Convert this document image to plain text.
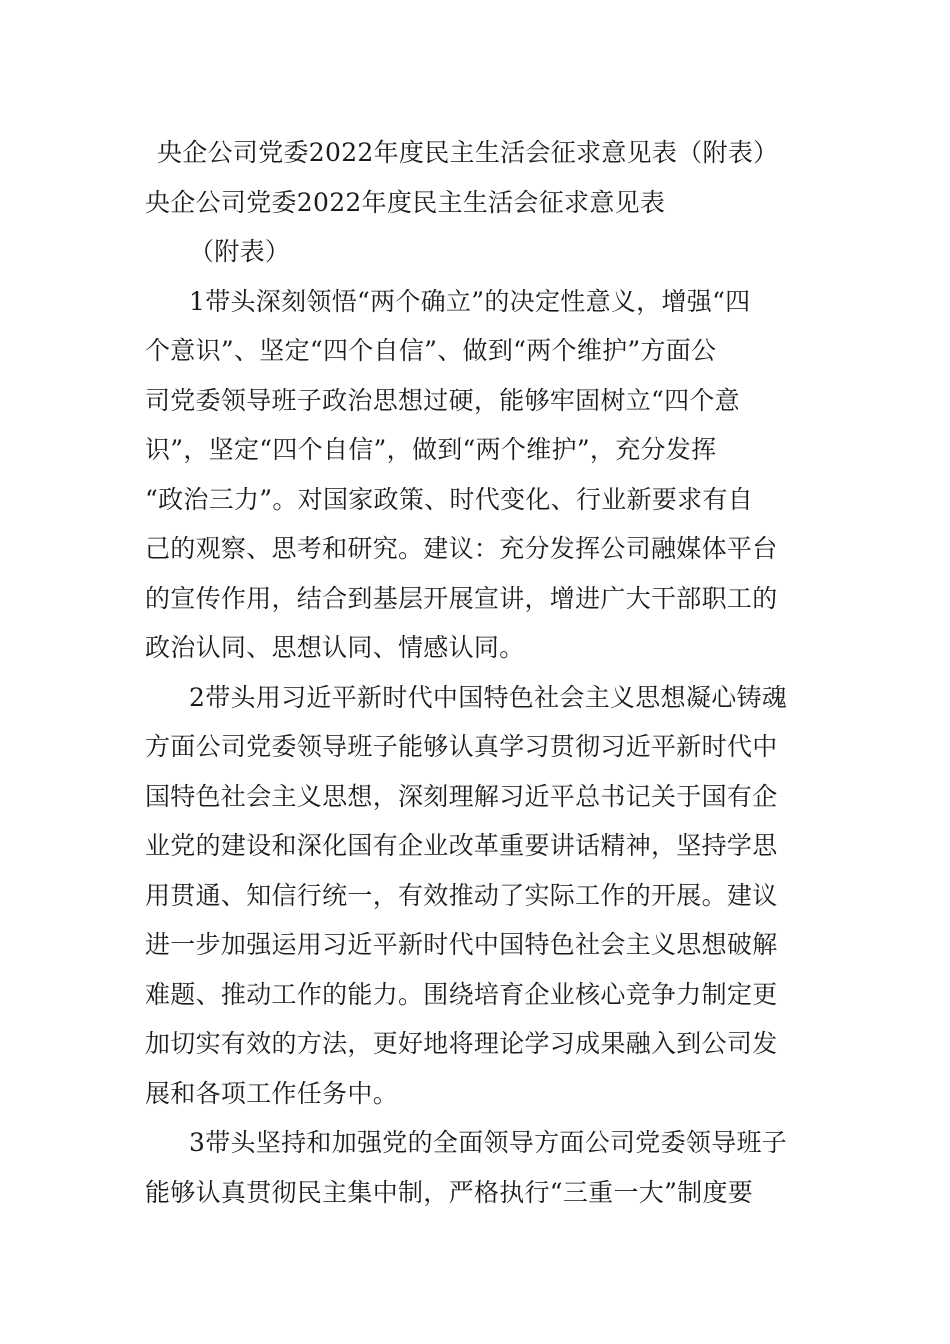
央企公司党委2022年度民主生活会征求意见表（附表）
央企公司党委2022年度民主生活会征求意见表
（附表）
1带头深刻领悟“两个确立”的决定性意义，增强“四
个意识”、坚定“四个自信”、做到“两个维护”方面公
司党委领导班子政治思想过硬，能够牢固树立“四个意
识”，坚定“四个自信”，做到“两个维护”，充分发挥
“政治三力”。对国家政策、时代变化、行业新要求有自
己的观察、思考和研究。建议：充分发挥公司融媒体平台
的宣传作用，结合到基层开展宣讲，增进广大干部职工的
政治认同、思想认同、情感认同。
2带头用习近平新时代中国特色社会主义思想凝心铸魂
方面公司党委领导班子能够认真学习贯彻习近平新时代中
国特色社会主义思想，深刻理解习近平总书记关于国有企
业党的建设和深化国有企业改革重要讲话精神，坚持学思
用贯通、知信行统一，有效推动了实际工作的开展。建议
进一步加强运用习近平新时代中国特色社会主义思想破解
难题、推动工作的能力。围绕培育企业核心竞争力制定更
加切实有效的方法，更好地将理论学习成果融入到公司发
展和各项工作任务中。
3带头坚持和加强党的全面领导方面公司党委领导班子
能够认真贯彻民主集中制，严格执行“三重一大”制度要
